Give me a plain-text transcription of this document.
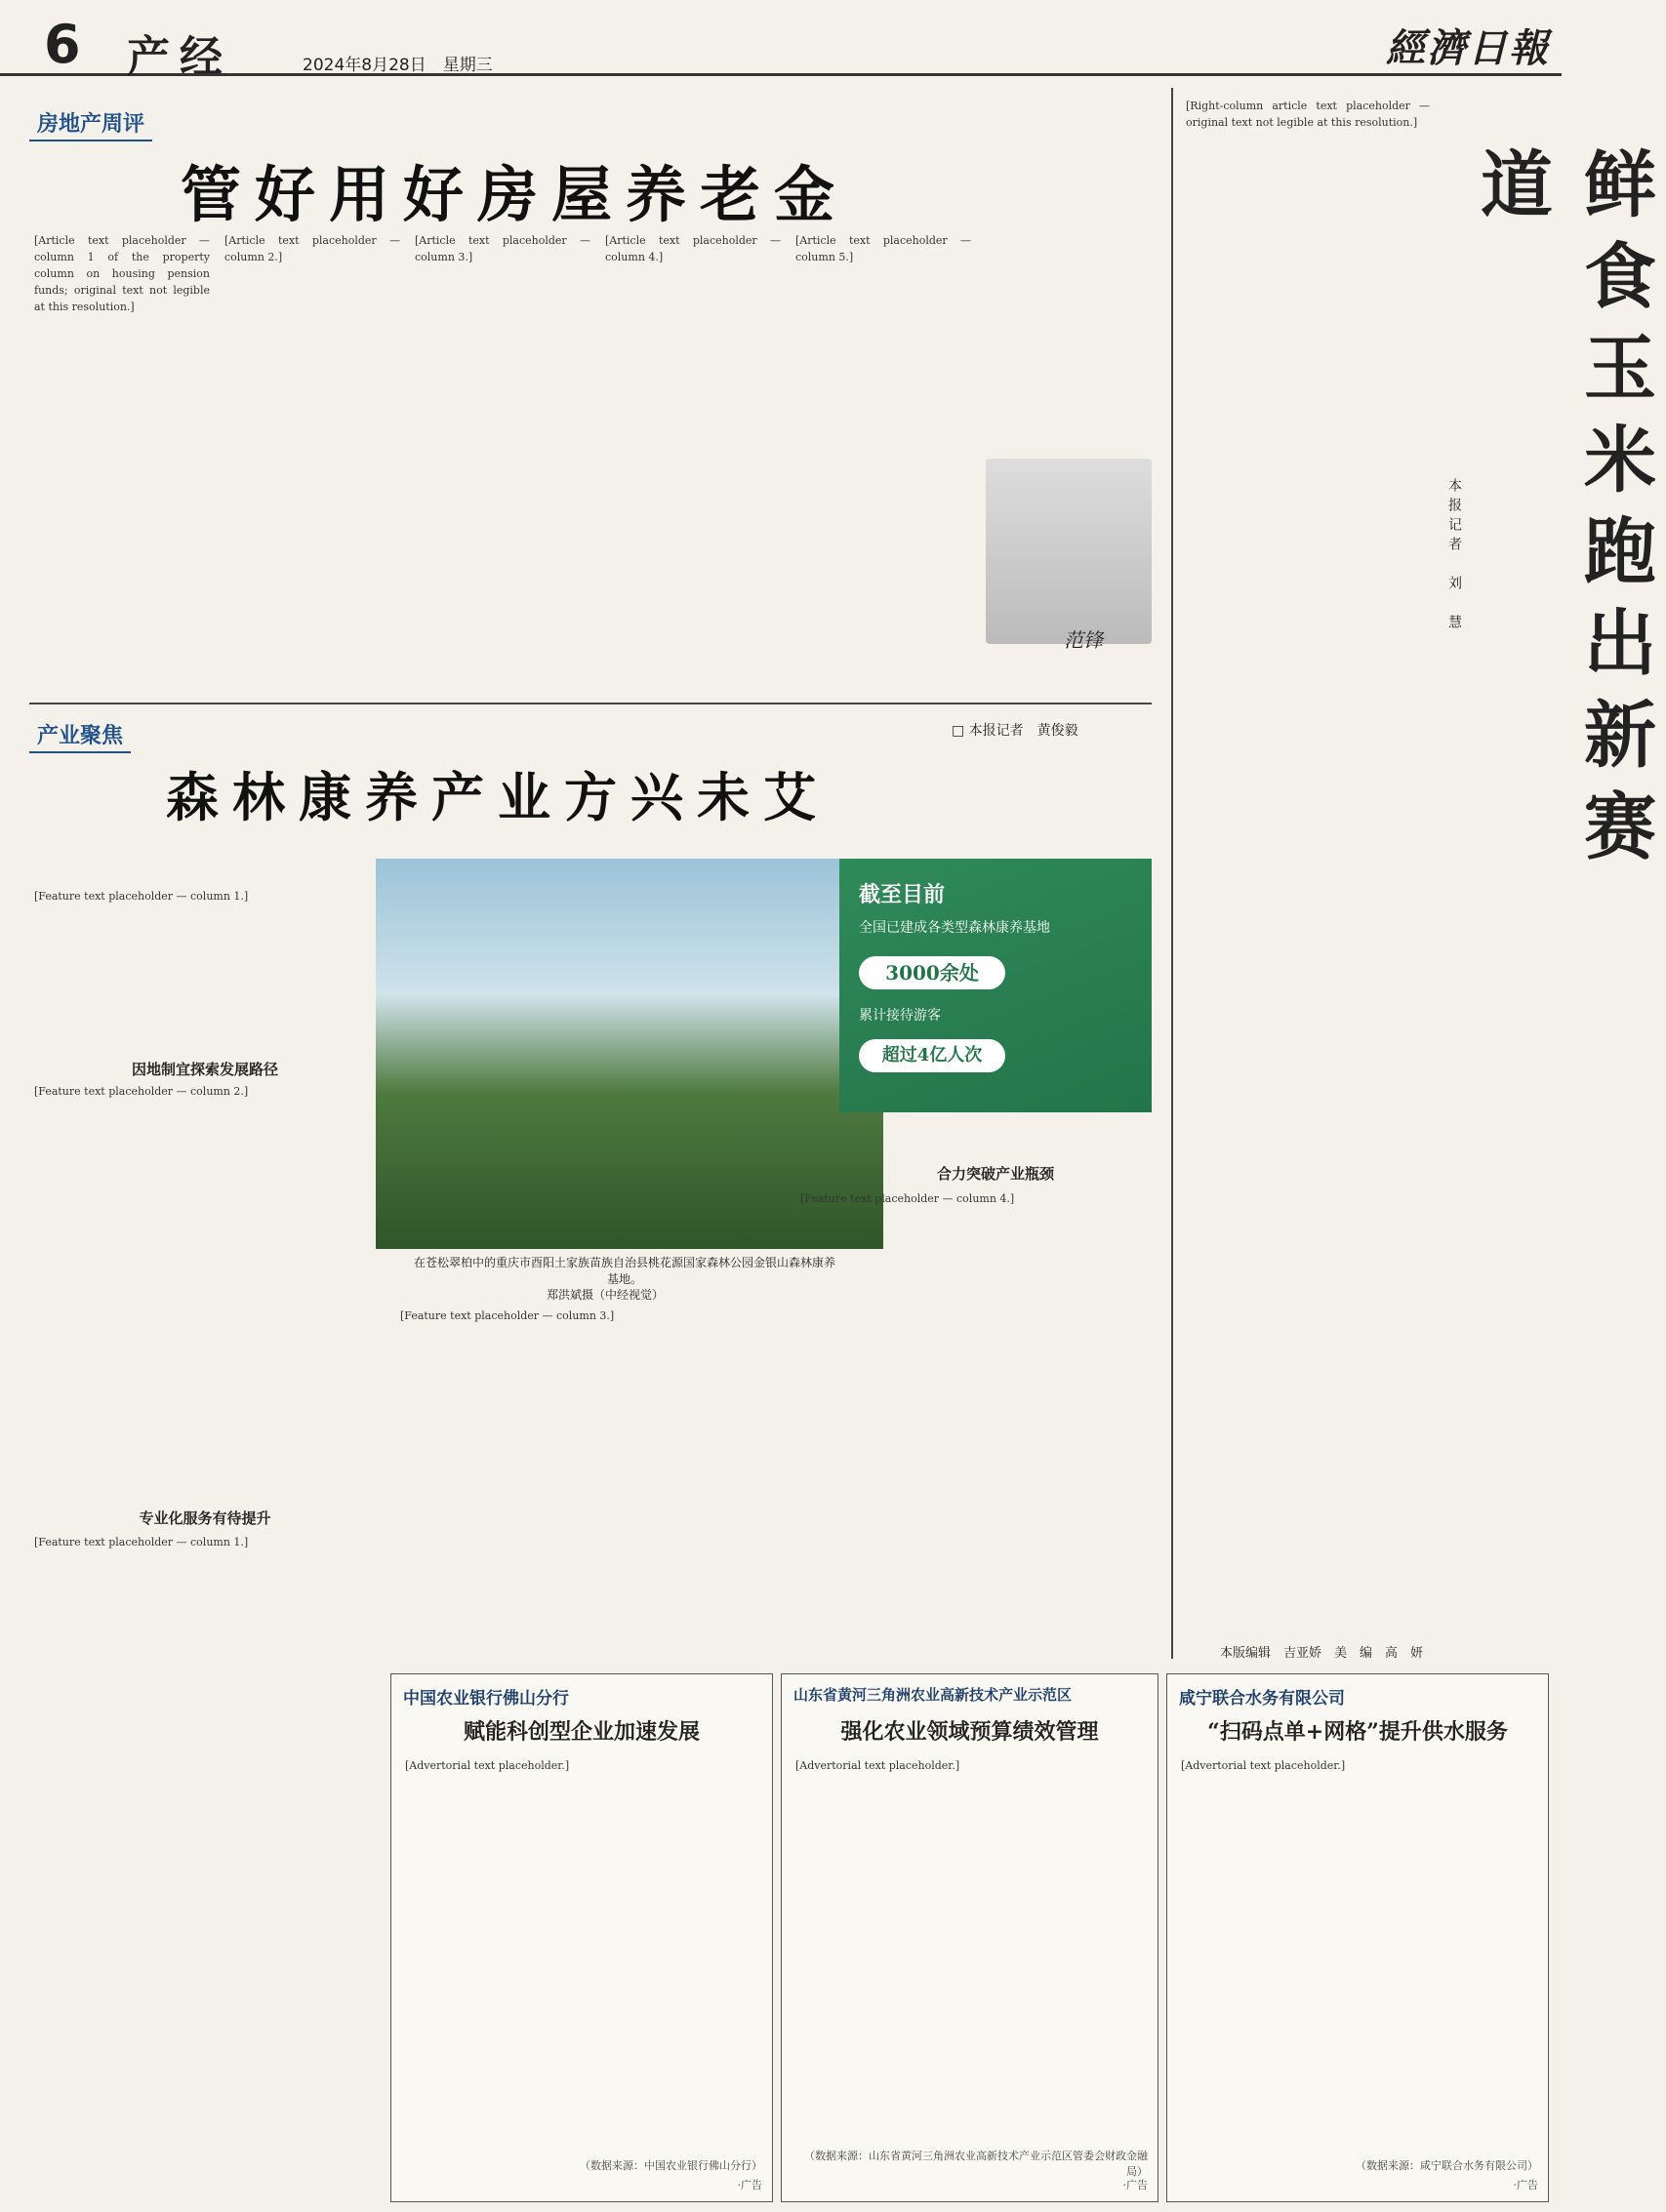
6 产经	2024年8月28日　星期三	經濟日報
房地产周评
管好用好房屋养老金
[Article text placeholder — column 1 of the property column on housing pension funds; original text not legible at this resolution.]
[Article text placeholder — column 2.]
[Article text placeholder — column 3.]
[Article text placeholder — column 4.]
[Article text placeholder — column 5.]
范锋
产业聚焦	□ 本报记者　黄俊毅
森林康养产业方兴未艾
截至目前
全国已建成各类型森林康养基地
3000余处
累计接待游客
超过4亿人次
在苍松翠柏中的重庆市酉阳土家族苗族自治县桃花源国家森林公园金银山森林康养基地。
郑洪斌摄（中经视觉）
因地制宜探索发展路径
专业化服务有待提升
合力突破产业瓶颈
[Feature text placeholder — column 1.]
[Feature text placeholder — column 2.]
[Feature text placeholder — column 3.]
[Feature text placeholder — column 4.]
[Feature text placeholder — column 1.]
[Right-column article text placeholder — original text not legible at this resolution.]
鲜食玉米跑出新赛道
本报记者　刘　慧
本版编辑　吉亚娇　美　编　高　妍
中国农业银行佛山分行
赋能科创型企业加速发展
[Advertorial text placeholder.]
（数据来源：中国农业银行佛山分行）
·广告
山东省黄河三角洲农业高新技术产业示范区
强化农业领域预算绩效管理
[Advertorial text placeholder.]
（数据来源：山东省黄河三角洲农业高新技术产业示范区管委会财政金融局）
·广告
咸宁联合水务有限公司
“扫码点单+网格”提升供水服务
[Advertorial text placeholder.]
（数据来源：咸宁联合水务有限公司）
·广告
